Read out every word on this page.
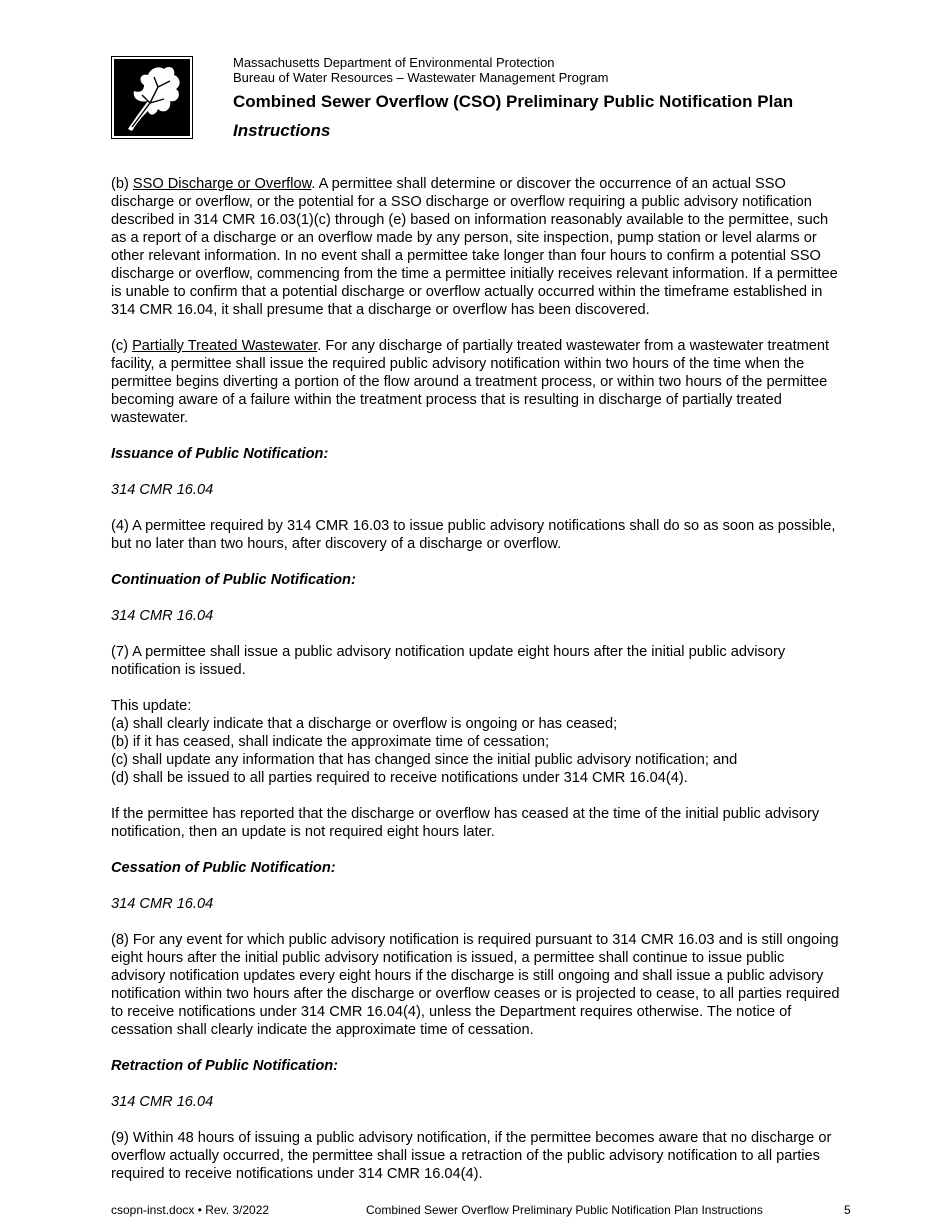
Massachusetts Department of Environmental Protection

Bureau of Water Resources – Wastewater Management Program

Combined Sewer Overflow (CSO) Preliminary Public Notification Plan

Instructions

(b) SSO Discharge or Overflow. A permittee shall determine or discover the occurrence of an actual SSO discharge or overflow, or the potential for a SSO discharge or overflow requiring a public advisory notification described in 314 CMR 16.03(1)(c) through (e) based on information reasonably available to the permittee, such as a report of a discharge or an overflow made by any person, site inspection, pump station or level alarms or other relevant information. In no event shall a permittee take longer than four hours to confirm a potential SSO discharge or overflow, commencing from the time a permittee initially receives relevant information. If a permittee is unable to confirm that a potential discharge or overflow actually occurred within the timeframe established in 314 CMR 16.04, it shall presume that a discharge or overflow has been discovered.

(c) Partially Treated Wastewater. For any discharge of partially treated wastewater from a wastewater treatment facility, a permittee shall issue the required public advisory notification within two hours of the time when the permittee begins diverting a portion of the flow around a treatment process, or within two hours of the permittee becoming aware of a failure within the treatment process that is resulting in discharge of partially treated wastewater.

Issuance of Public Notification:

314 CMR 16.04

(4) A permittee required by 314 CMR 16.03 to issue public advisory notifications shall do so as soon as possible, but no later than two hours, after discovery of a discharge or overflow.

Continuation of Public Notification:

314 CMR 16.04

(7) A permittee shall issue a public advisory notification update eight hours after the initial public advisory notification is issued.

This update:

(a) shall clearly indicate that a discharge or overflow is ongoing or has ceased;

(b) if it has ceased, shall indicate the approximate time of cessation;

(c) shall update any information that has changed since the initial public advisory notification; and

(d) shall be issued to all parties required to receive notifications under 314 CMR 16.04(4).

If the permittee has reported that the discharge or overflow has ceased at the time of the initial public advisory notification, then an update is not required eight hours later.

Cessation of Public Notification:

314 CMR 16.04

(8) For any event for which public advisory notification is required pursuant to 314 CMR 16.03 and is still ongoing eight hours after the initial public advisory notification is issued, a permittee shall continue to issue public advisory notification updates every eight hours if the discharge is still ongoing and shall issue a public advisory notification within two hours after the discharge or overflow ceases or is projected to cease, to all parties required to receive notifications under 314 CMR 16.04(4), unless the Department requires otherwise. The notice of cessation shall clearly indicate the approximate time of cessation.

Retraction of Public Notification:

314 CMR 16.04

(9) Within 48 hours of issuing a public advisory notification, if the permittee becomes aware that no discharge or overflow actually occurred, the permittee shall issue a retraction of the public advisory notification to all parties required to receive notifications under 314 CMR 16.04(4).

csopn-inst.docx • Rev. 3/2022	Combined Sewer Overflow Preliminary Public Notification Plan Instructions	5
